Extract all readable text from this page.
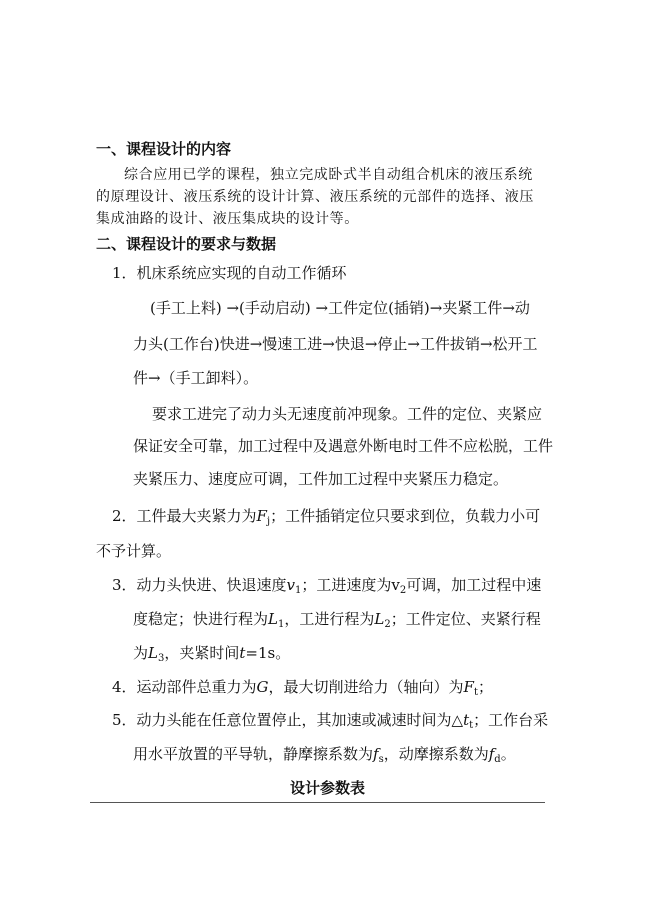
一、课程设计的内容
综合应用已学的课程，独立完成卧式半自动组合机床的液压系统
的原理设计、液压系统的设计计算、液压系统的元部件的选择、液压
集成油路的设计、液压集成块的设计等。
二、课程设计的要求与数据
1．机床系统应实现的自动工作循环
(手工上料) →(手动启动) →工件定位(插销)→夹紧工件→动
力头(工作台)快进→慢速工进→快退→停止→工件拔销→松开工
件→（手工卸料）。
要求工进完了动力头无速度前冲现象。工件的定位、夹紧应
保证安全可靠，加工过程中及遇意外断电时工件不应松脱，工件
夹紧压力、速度应可调，工件加工过程中夹紧压力稳定。
2．工件最大夹紧力为$F_j$；工件插销定位只要求到位，负载力小可
不予计算。
3．动力头快进、快退速度$v_1$；工进速度为$v_2$可调，加工过程中速
度稳定；快进行程为$L_1$，工进行程为$L_2$；工件定位、夹紧行程
为$L_3$，夹紧时间t=1s。
4．运动部件总重力为G，最大切削进给力（轴向）为$F_t$；
5．动力头能在任意位置停止，其加速或减速时间为$\triangle t_t$；工作台采
用水平放置的平导轨，静摩擦系数为$f_s$，动摩擦系数为$f_d$。
设计参数表
